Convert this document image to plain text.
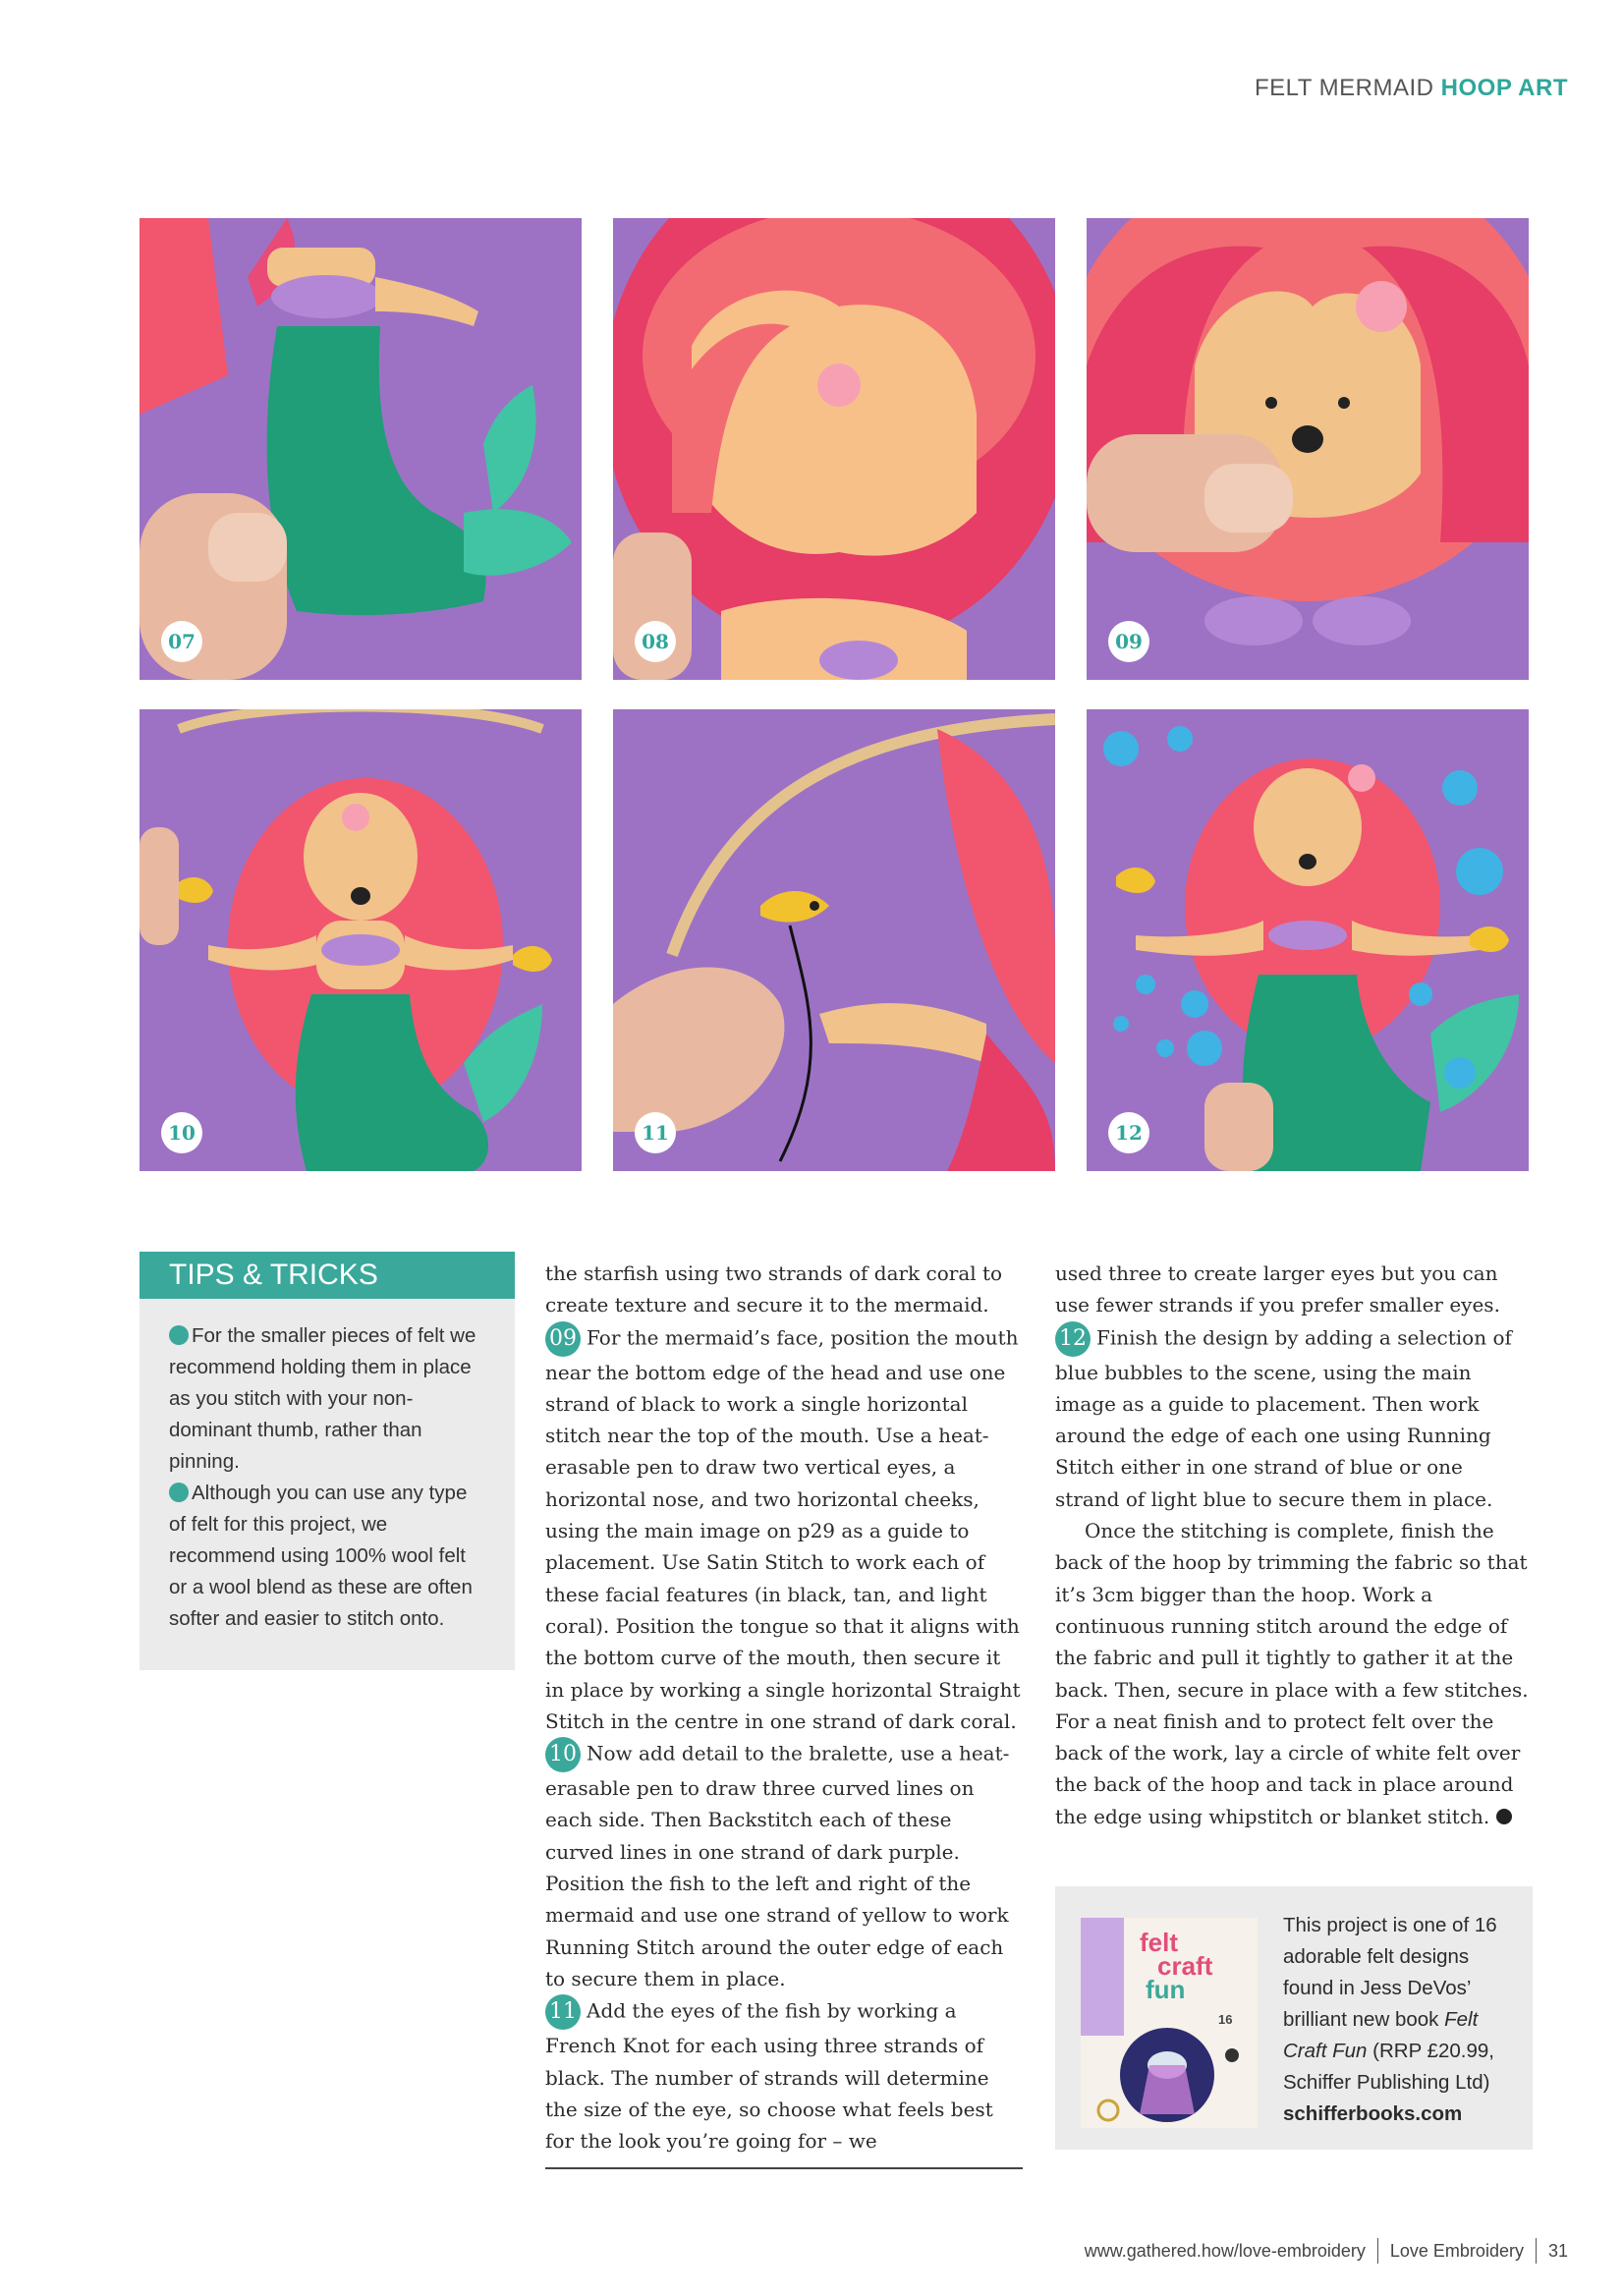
FELT MERMAID HOOP ART
07	08	09
10	11	12
TIPS & TRICKS
For the smaller pieces of felt we recommend holding them in place as you stitch with your non-dominant thumb, rather than pinning.
Although you can use any type of felt for this project, we recommend using 100% wool felt or a wool blend as these are often softer and easier to stitch onto.

the starfish using two strands of dark coral to create texture and secure it to the mermaid.

09 For the mermaid’s face, position the mouth near the bottom edge of the head and use one strand of black to work a single horizontal stitch near the top of the mouth. Use a heat-erasable pen to draw two vertical eyes, a horizontal nose, and two horizontal cheeks, using the main image on p29 as a guide to placement. Use Satin Stitch to work each of these facial features (in black, tan, and light coral). Position the tongue so that it aligns with the bottom curve of the mouth, then secure it in place by working a single horizontal Straight Stitch in the centre in one strand of dark coral.

10 Now add detail to the bralette, use a heat-erasable pen to draw three curved lines on each side. Then Backstitch each of these curved lines in one strand of dark purple. Position the fish to the left and right of the mermaid and use one strand of yellow to work Running Stitch around the outer edge of each to secure them in place.

11 Add the eyes of the fish by working a French Knot for each using three strands of black. The number of strands will determine the size of the eye, so choose what feels best for the look you’re going for – we

used three to create larger eyes but you can use fewer strands if you prefer smaller eyes.

12 Finish the design by adding a selection of blue bubbles to the scene, using the main image as a guide to placement. Then work around the edge of each one using Running Stitch either in one strand of blue or one strand of light blue to secure them in place.

Once the stitching is complete, finish the back of the hoop by trimming the fabric so that it’s 3cm bigger than the hoop. Work a continuous running stitch around the edge of the fabric and pull it tightly to gather it at the back. Then, secure in place with a few stitches. For a neat finish and to protect felt over the back of the work, lay a circle of white felt over the back of the hoop and tack in place around the edge using whipstitch or blanket stitch.

felt
craft
fun
16
This project is one of 16 adorable felt designs found in Jess DeVos’ brilliant new book Felt Craft Fun (RRP £20.99, Schiffer Publishing Ltd)
schifferbooks.com
www.gathered.how/love-embroidery Love Embroidery 31
